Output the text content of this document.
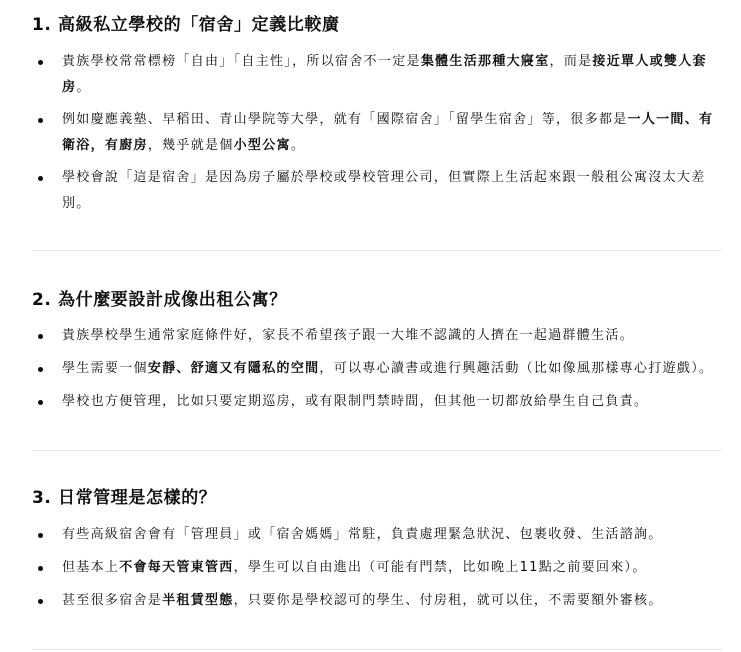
1. 高級私立學校的「宿舍」定義比較廣
貴族學校常常標榜「自由」「自主性」，所以宿舍不一定是集體生活那種大寢室，而是接近單人或雙人套房。
例如慶應義塾、早稻田、青山學院等大學，就有「國際宿舍」「留學生宿舍」等，很多都是一人一間、有衛浴，有廚房，幾乎就是個小型公寓。
學校會說「這是宿舍」是因為房子屬於學校或學校管理公司，但實際上生活起來跟一般租公寓沒太大差別。
2. 為什麼要設計成像出租公寓？
貴族學校學生通常家庭條件好，家長不希望孩子跟一大堆不認識的人擠在一起過群體生活。
學生需要一個安靜、舒適又有隱私的空間，可以專心讀書或進行興趣活動（比如像風那樣專心打遊戲）。
學校也方便管理，比如只要定期巡房，或有限制門禁時間，但其他一切都放給學生自己負責。
3. 日常管理是怎樣的？
有些高級宿舍會有「管理員」或「宿舍媽媽」常駐，負責處理緊急狀況、包裹收發、生活諮詢。
但基本上不會每天管東管西，學生可以自由進出（可能有門禁，比如晚上11點之前要回來）。
甚至很多宿舍是半租賃型態，只要你是學校認可的學生、付房租，就可以住，不需要額外審核。
